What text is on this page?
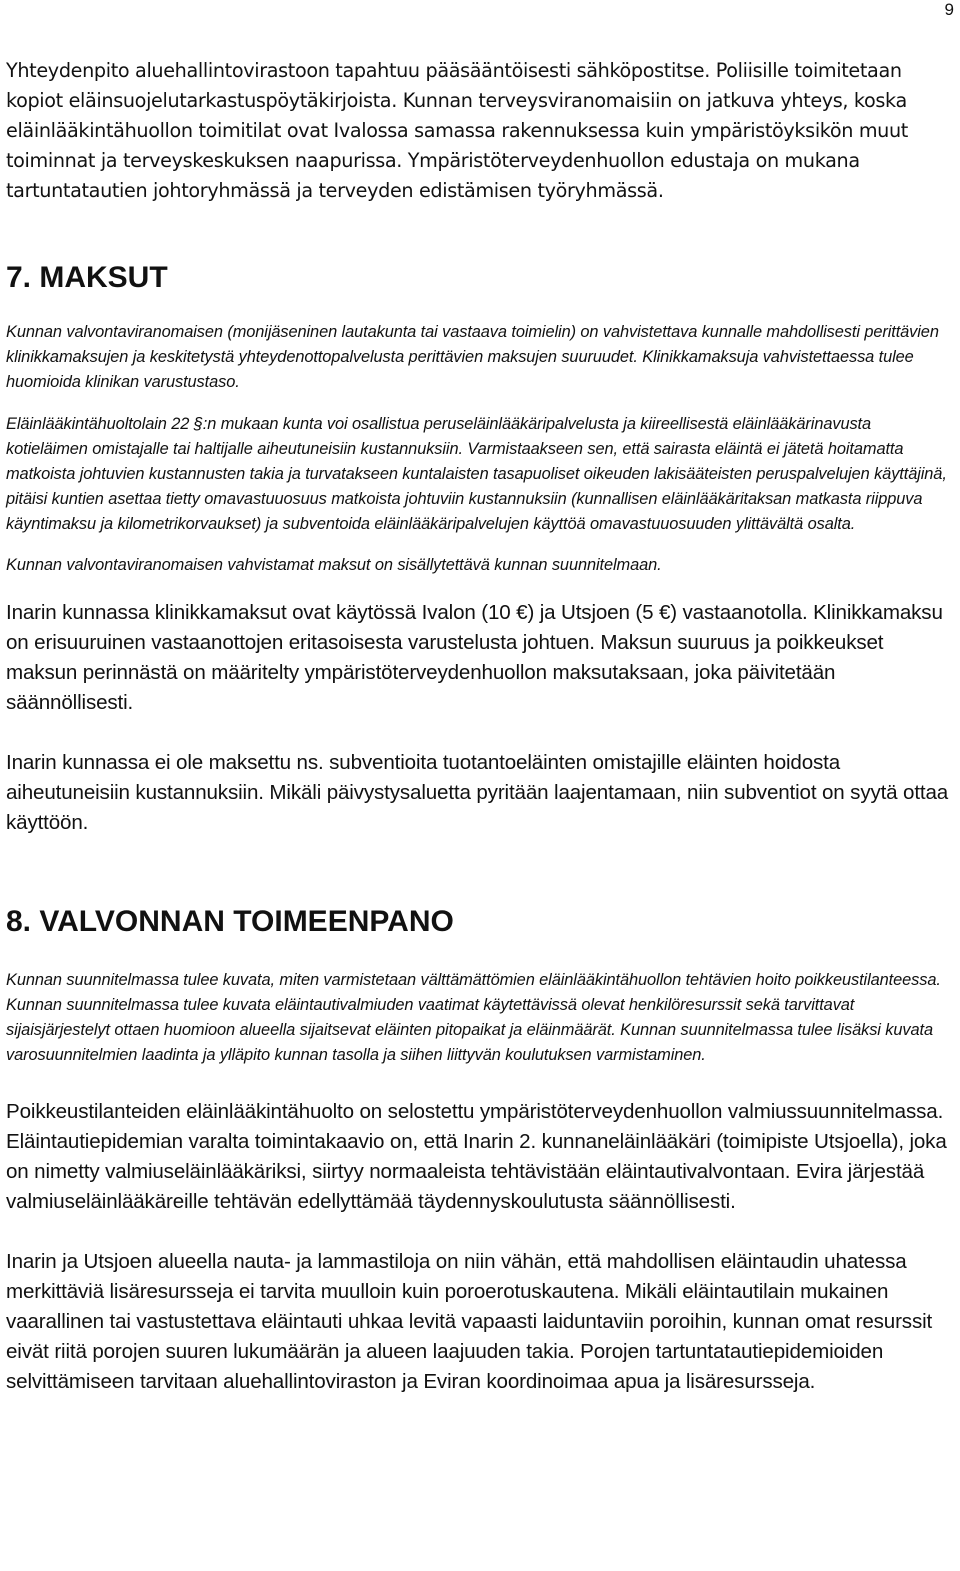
9

Yhteydenpito aluehallintovirastoon tapahtuu pääsääntöisesti sähköpostitse. Poliisille toimitetaan kopiot eläinsuojelutarkastuspöytäkirjoista. Kunnan terveysviranomaisiin on jatkuva yhteys, koska eläinlääkintähuollon toimitilat ovat Ivalossa samassa rakennuksessa kuin ympäristöyksikön muut toiminnat ja terveyskeskuksen naapurissa. Ympäristöterveydenhuollon edustaja on mukana tartuntatautien johtoryhmässä ja terveyden edistämisen työryhmässä.

7. MAKSUT

Kunnan valvontaviranomaisen (monijäseninen lautakunta tai vastaava toimielin) on vahvistettava kunnalle mahdollisesti perittävien klinikkamaksujen ja keskitetystä yhteydenottopalvelusta perittävien maksujen suuruudet. Klinikkamaksuja vahvistettaessa tulee huomioida klinikan varustustaso.

Eläinlääkintähuoltolain 22 §:n mukaan kunta voi osallistua peruseläinlääkäripalvelusta ja kiireellisestä eläinlääkärinavusta kotieläimen omistajalle tai haltijalle aiheutuneisiin kustannuksiin. Varmistaakseen sen, että sairasta eläintä ei jätetä hoitamatta matkoista johtuvien kustannusten takia ja turvatakseen kuntalaisten tasapuoliset oikeuden lakisääteisten peruspalvelujen käyttäjinä, pitäisi kuntien asettaa tietty omavastuuosuus matkoista johtuviin kustannuksiin (kunnallisen eläinlääkäritaksan matkasta riippuva käyntimaksu ja kilometrikorvaukset) ja subventoida eläinlääkäripalvelujen käyttöä omavastuuosuuden ylittävältä osalta.

Kunnan valvontaviranomaisen vahvistamat maksut on sisällytettävä kunnan suunnitelmaan.

Inarin kunnassa klinikkamaksut ovat käytössä Ivalon (10 €) ja Utsjoen (5 €) vastaanotolla. Klinikkamaksu on erisuuruinen vastaanottojen eritasoisesta varustelusta johtuen. Maksun suuruus ja poikkeukset maksun perinnästä on määritelty ympäristöterveydenhuollon maksutaksaan, joka päivitetään säännöllisesti.

Inarin kunnassa ei ole maksettu ns. subventioita tuotantoeläinten omistajille eläinten hoidosta aiheutuneisiin kustannuksiin. Mikäli päivystysaluetta pyritään laajentamaan, niin subventiot on syytä ottaa käyttöön.

8. VALVONNAN TOIMEENPANO

Kunnan suunnitelmassa tulee kuvata, miten varmistetaan välttämättömien eläinlääkintähuollon tehtävien hoito poikkeustilanteessa. Kunnan suunnitelmassa tulee kuvata eläintautivalmiuden vaatimat käytettävissä olevat henkilöresurssit sekä tarvittavat sijaisjärjestelyt ottaen huomioon alueella sijaitsevat eläinten pitopaikat ja eläinmäärät. Kunnan suunnitelmassa tulee lisäksi kuvata varosuunnitelmien laadinta ja ylläpito kunnan tasolla ja siihen liittyvän koulutuksen varmistaminen.

Poikkeustilanteiden eläinlääkintähuolto on selostettu ympäristöterveydenhuollon valmiussuunnitelmassa. Eläintautiepidemian varalta toimintakaavio on, että Inarin 2. kunnaneläinlääkäri (toimipiste Utsjoella), joka on nimetty valmiuseläinlääkäriksi, siirtyy normaaleista tehtävistään eläintautivalvontaan. Evira järjestää valmiuseläinlääkäreille tehtävän edellyttämää täydennyskoulutusta säännöllisesti.

Inarin ja Utsjoen alueella nauta- ja lammastiloja on niin vähän, että mahdollisen eläintaudin uhatessa merkittäviä lisäresursseja ei tarvita muulloin kuin poroerotuskautena. Mikäli eläintautilain mukainen vaarallinen tai vastustettava eläintauti uhkaa levitä vapaasti laiduntaviin poroihin, kunnan omat resurssit eivät riitä porojen suuren lukumäärän ja alueen laajuuden takia. Porojen tartuntatautiepidemioiden selvittämiseen tarvitaan aluehallintoviraston ja Eviran koordinoimaa apua ja lisäresursseja.
